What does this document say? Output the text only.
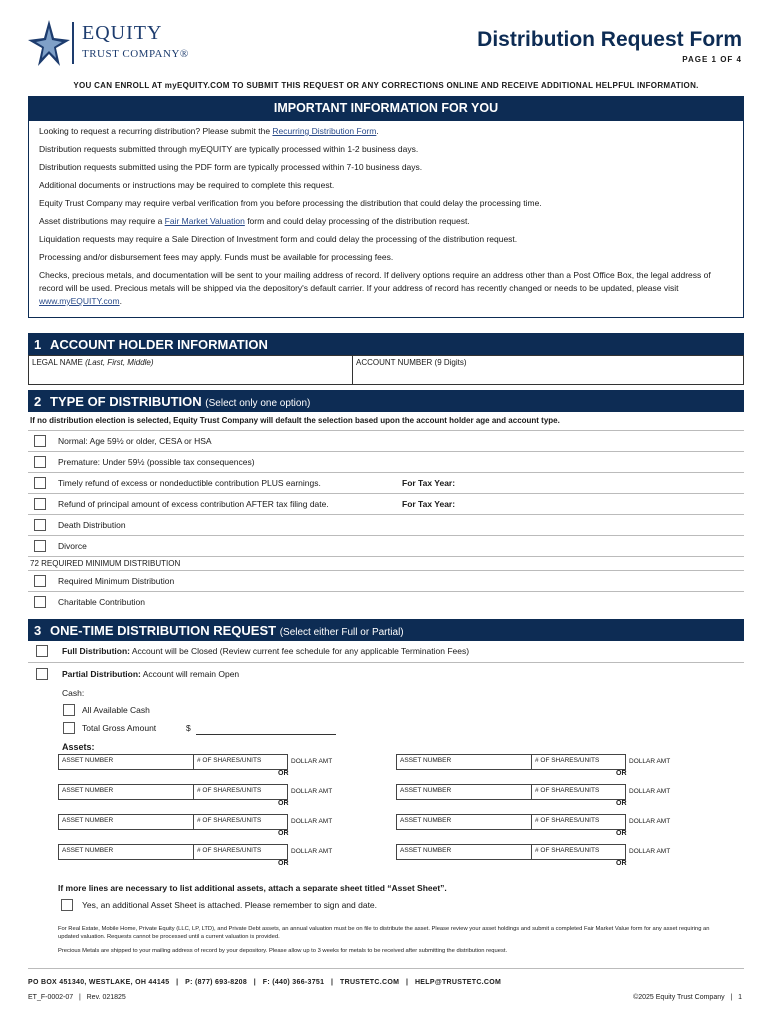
EQUITY
TRUST COMPANY®
Distribution Request Form
PAGE 1 OF 4
YOU CAN ENROLL AT myEQUITY.COM TO SUBMIT THIS REQUEST OR ANY CORRECTIONS ONLINE AND RECEIVE ADDITIONAL HELPFUL INFORMATION.
IMPORTANT INFORMATION FOR YOU

Looking to request a recurring distribution? Please submit the Recurring Distribution Form.

Distribution requests submitted through myEQUITY are typically processed within 1-2 business days.

Distribution requests submitted using the PDF form are typically processed within 7-10 business days.

Additional documents or instructions may be required to complete this request.

Equity Trust Company may require verbal verification from you before processing the distribution that could delay the processing time.

Asset distributions may require a Fair Market Valuation form and could delay processing of the distribution request.

Liquidation requests may require a Sale Direction of Investment form and could delay the processing of the distribution request.

Processing and/or disbursement fees may apply. Funds must be available for processing fees.

Checks, precious metals, and documentation will be sent to your mailing address of record. If delivery options require an address other than a Post Office Box, the legal address of record will be used. Precious metals will be shipped via the depository's default carrier. If your address of record has recently changed or needs to be updated, please visit www.myEQUITY.com.

1 ACCOUNT HOLDER INFORMATION
LEGAL NAME (Last, First, Middle)	ACCOUNT NUMBER (9 Digits)
2 TYPE OF DISTRIBUTION (Select only one option)
If no distribution election is selected, Equity Trust Company will default the selection based upon the account holder age and account type.
Normal: Age 59½ or older, CESA or HSA
Premature: Under 59½ (possible tax consequences)
Timely refund of excess or nondeductible contribution PLUS earnings.	For Tax Year:
Refund of principal amount of excess contribution AFTER tax filing date.	For Tax Year:
Death Distribution
Divorce
72 REQUIRED MINIMUM DISTRIBUTION
Required Minimum Distribution
Charitable Contribution
3 ONE-TIME DISTRIBUTION REQUEST (Select either Full or Partial)
Full Distribution: Account will be Closed (Review current fee schedule for any applicable Termination Fees)
Partial Distribution: Account will remain Open
Cash:
All Available Cash
Total Gross Amount	$
Assets:
ASSET NUMBER	# OF SHARES/UNITS	DOLLAR AMT
OR
ASSET NUMBER	# OF SHARES/UNITS	DOLLAR AMT
OR
ASSET NUMBER	# OF SHARES/UNITS	DOLLAR AMT
OR
ASSET NUMBER	# OF SHARES/UNITS	DOLLAR AMT
OR
ASSET NUMBER	# OF SHARES/UNITS	DOLLAR AMT
OR
ASSET NUMBER	# OF SHARES/UNITS	DOLLAR AMT
OR
ASSET NUMBER	# OF SHARES/UNITS	DOLLAR AMT
OR
ASSET NUMBER	# OF SHARES/UNITS	DOLLAR AMT
OR
If more lines are necessary to list additional assets, attach a separate sheet titled “Asset Sheet”.
Yes, an additional Asset Sheet is attached. Please remember to sign and date.
For Real Estate, Mobile Home, Private Equity (LLC, LP, LTD), and Private Debt assets, an annual valuation must be on file to distribute the asset. Please review your asset holdings and submit a completed Fair Market Value form for any asset requiring an updated valuation. Requests cannot be processed until a current valuation is provided.
Precious Metals are shipped to your mailing address of record by your depository. Please allow up to 3 weeks for metals to be received after submitting the distribution request.
PO BOX 451340, WESTLAKE, OH 44145   |   P: (877) 693-8208   |   F: (440) 366-3751   |   TRUSTETC.COM   |   HELP@TRUSTETC.COM
ET_F-0002-07   |   Rev. 021825	©2025 Equity Trust Company   |   1
